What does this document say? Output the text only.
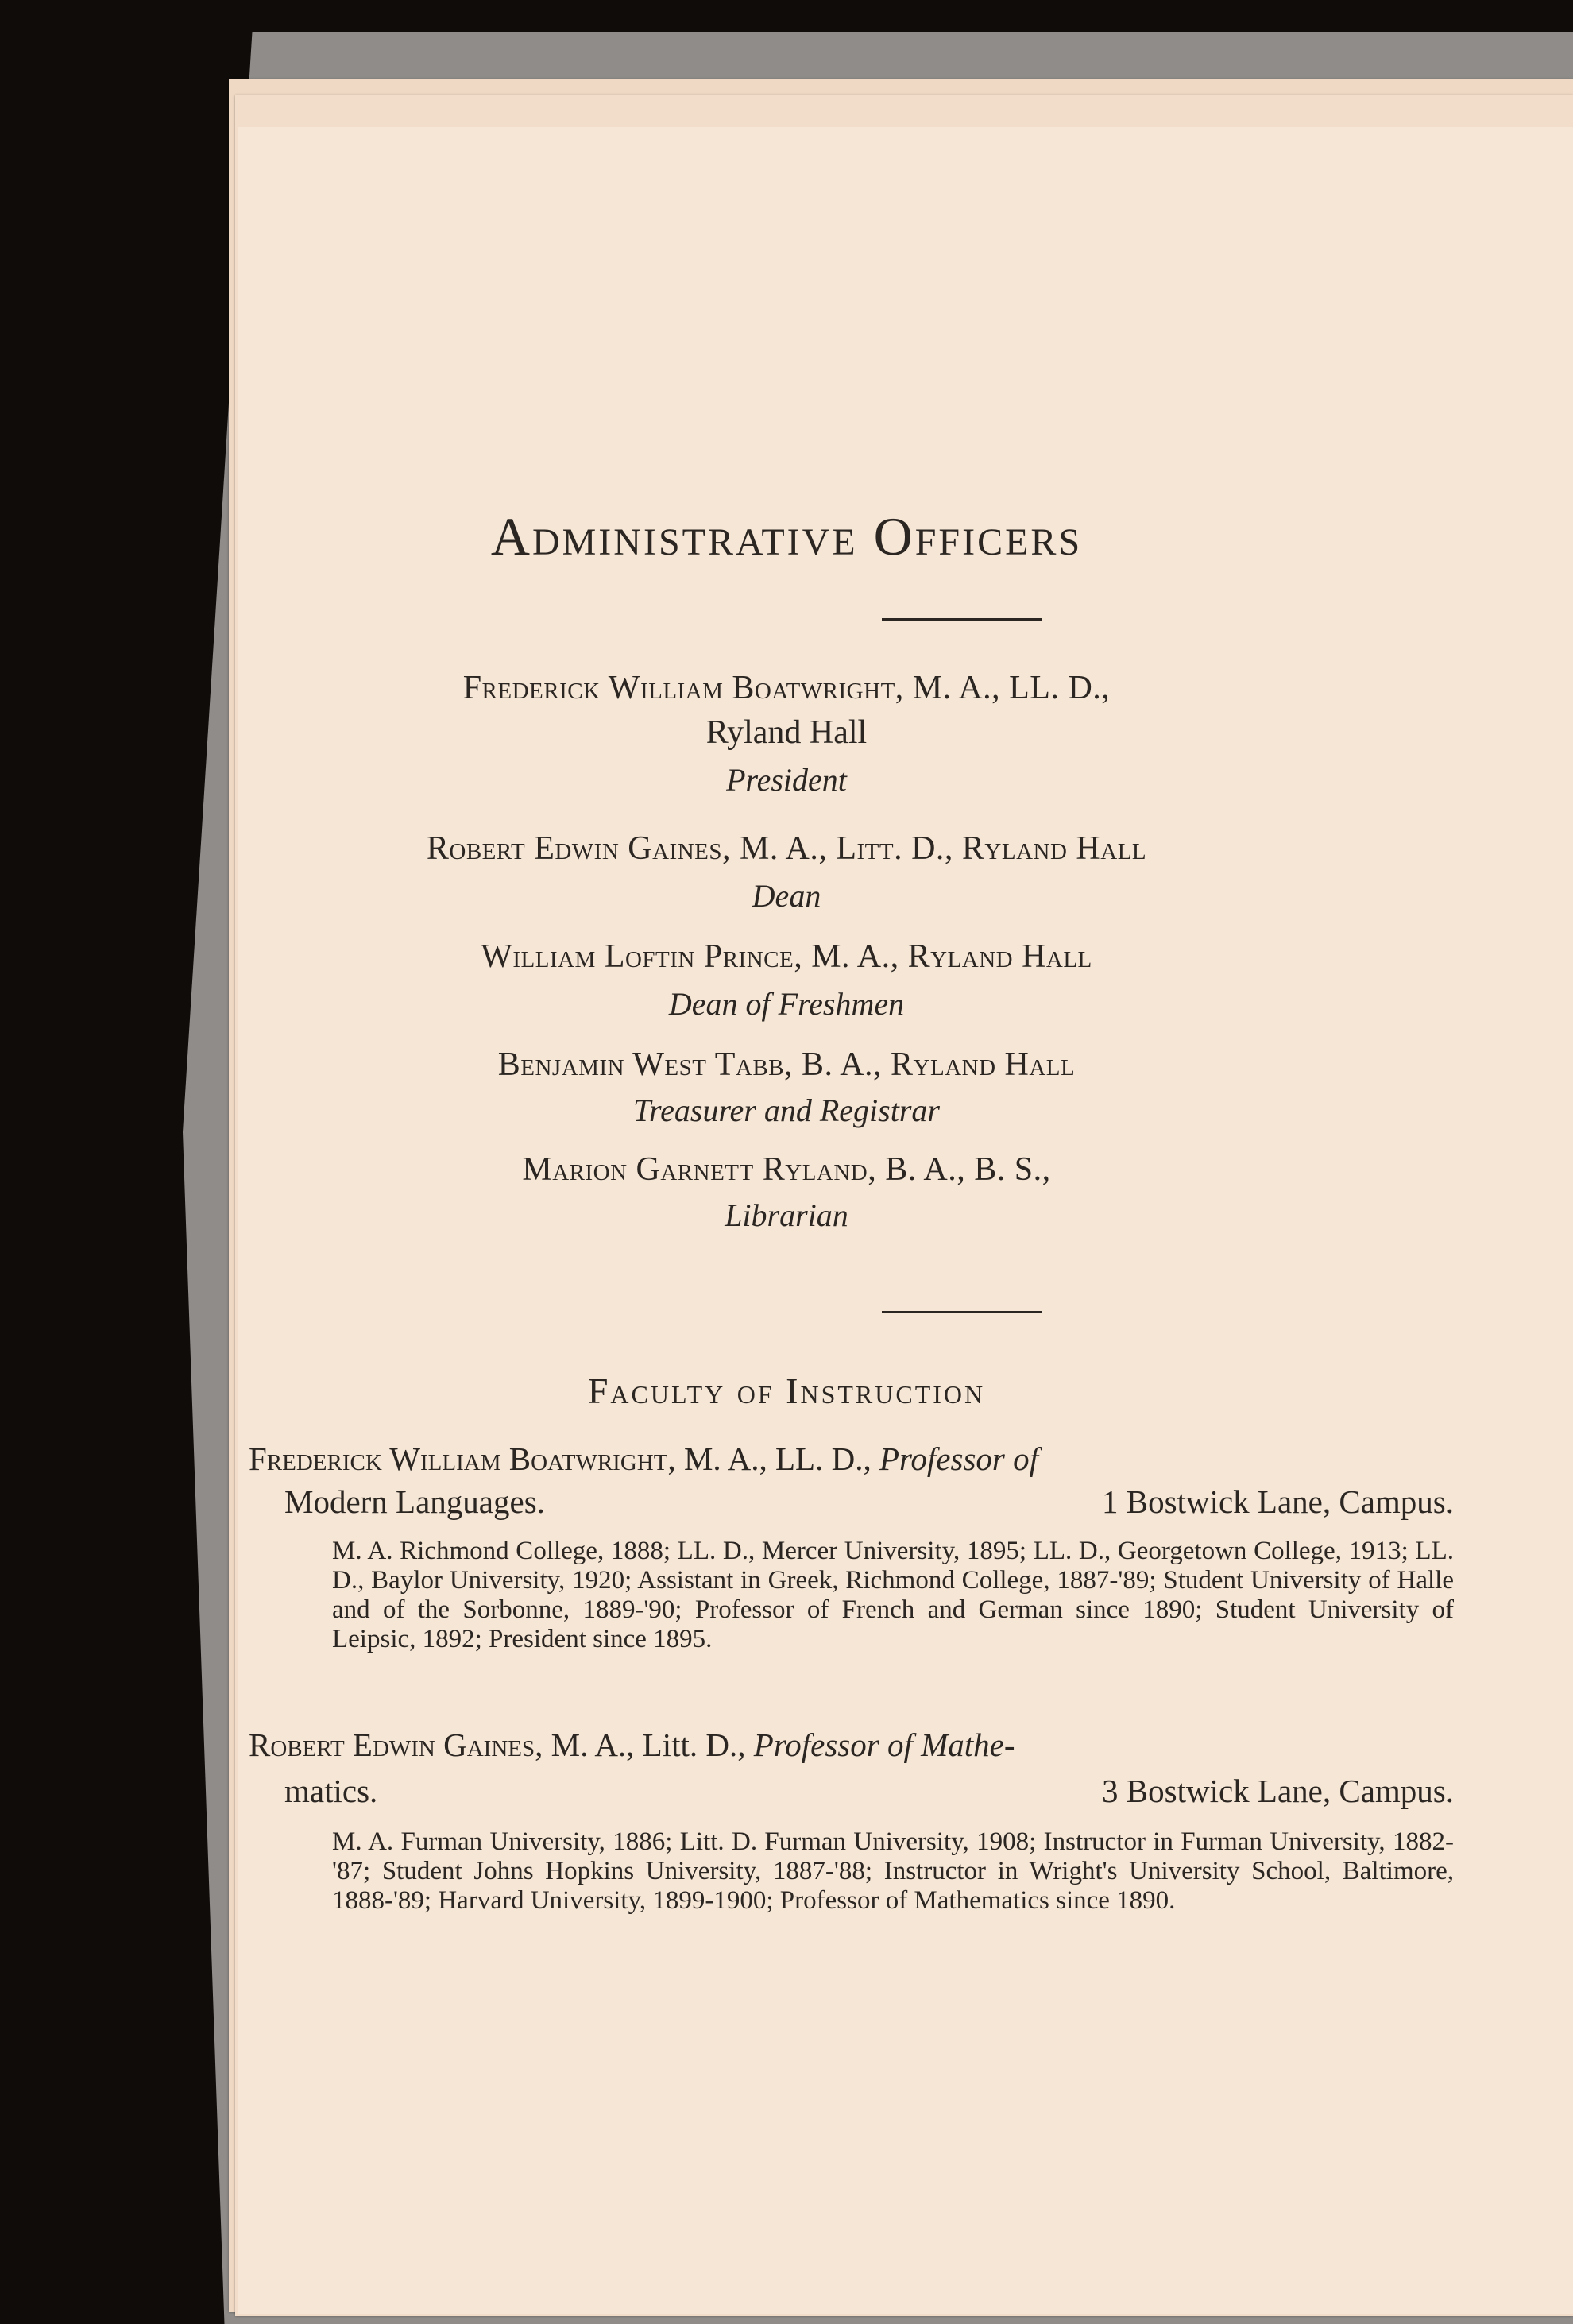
Administrative Officers
Frederick William Boatwright, M. A., LL. D.,
Ryland Hall
President
Robert Edwin Gaines, M. A., Litt. D., Ryland Hall
Dean
William Loftin Prince, M. A., Ryland Hall
Dean of Freshmen
Benjamin West Tabb, B. A., Ryland Hall
Treasurer and Registrar
Marion Garnett Ryland, B. A., B. S.,
Librarian
Faculty of Instruction
Frederick William Boatwright, M. A., LL. D., Professor of
Modern Languages.	1 Bostwick Lane, Campus.
M. A. Richmond College, 1888; LL. D., Mercer University, 1895; LL. D., Georgetown College, 1913; LL. D., Baylor University, 1920; Assistant in Greek, Richmond College, 1887-'89; Student University of Halle and of the Sorbonne, 1889-'90; Professor of French and German since 1890; Student University of Leipsic, 1892; President since 1895.
Robert Edwin Gaines, M. A., Litt. D., Professor of Mathe-
matics.	3 Bostwick Lane, Campus.
M. A. Furman University, 1886; Litt. D. Furman University, 1908; Instructor in Furman University, 1882-'87; Student Johns Hopkins University, 1887-'88; Instructor in Wright's University School, Baltimore, 1888-'89; Harvard University, 1899-1900; Professor of Mathematics since 1890.
